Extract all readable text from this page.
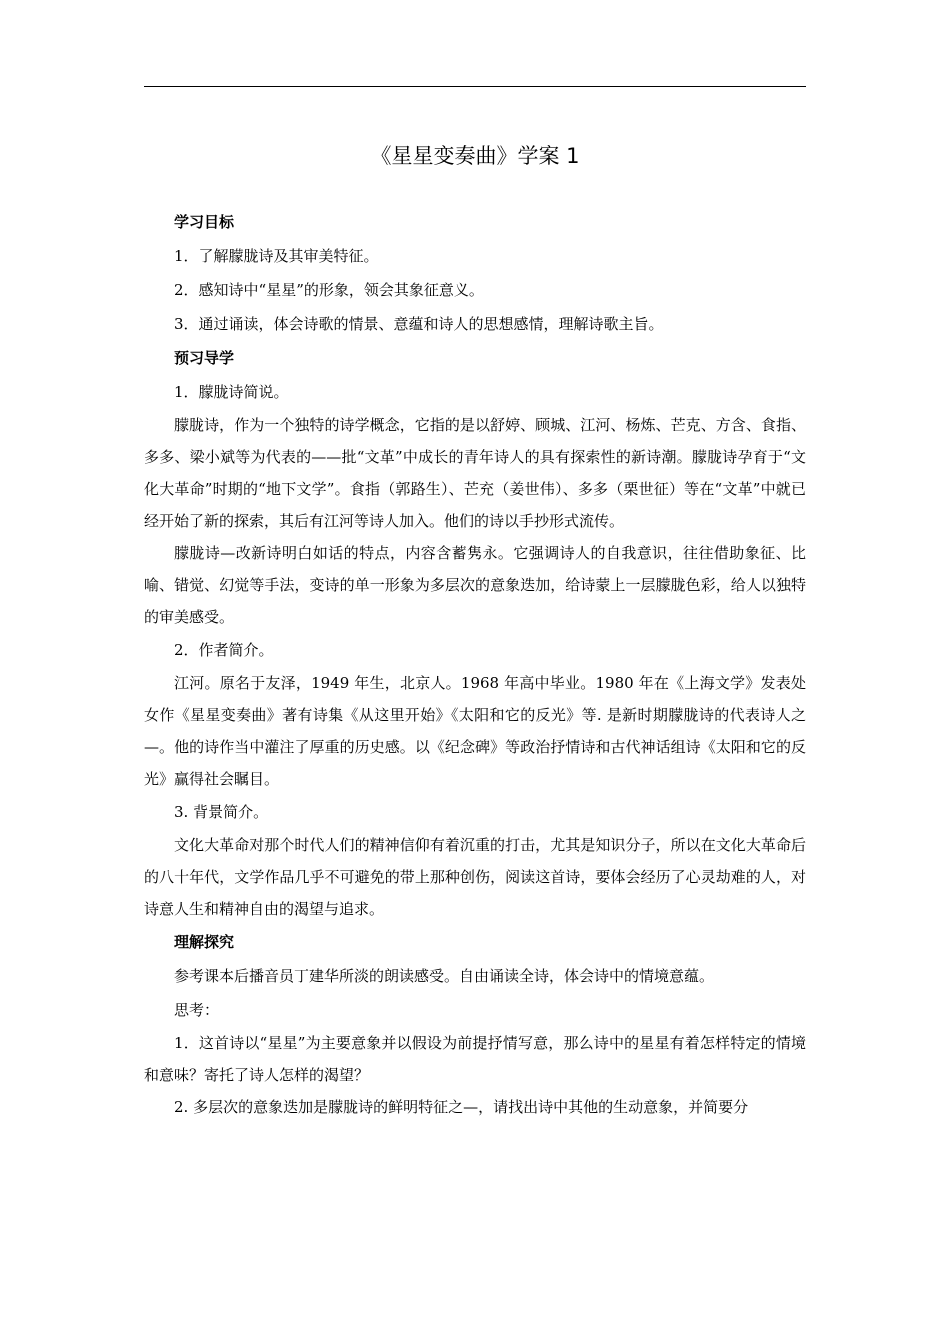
《星星变奏曲》学案 1

学习目标

1．了解朦胧诗及其审美特征。

2．感知诗中“星星”的形象，领会其象征意义。

3．通过诵读，体会诗歌的情景、意蕴和诗人的思想感情，理解诗歌主旨。

预习导学

1．朦胧诗简说。

朦胧诗，作为一个独特的诗学概念，它指的是以舒婷、顾城、江河、杨炼、芒克、方含、食指、多多、梁小斌等为代表的——批“文革”中成长的青年诗人的具有探索性的新诗潮。朦胧诗孕育于“文化大革命”时期的“地下文学”。食指（郭路生）、芒充（姜世伟）、多多（栗世征）等在“文革”中就已经开始了新的探索，其后有江河等诗人加入。他们的诗以手抄形式流传。

朦胧诗—改新诗明白如话的特点，内容含蓄隽永。它强调诗人的自我意识，往往借助象征、比喻、错觉、幻觉等手法，变诗的单一形象为多层次的意象迭加，给诗蒙上一层朦胧色彩，给人以独特的审美感受。

2．作者简介。

江河。原名于友泽，1949 年生，北京人。1968 年高中毕业。1980 年在《上海文学》发表处女作《星星变奏曲》著有诗集《从这里开始》《太阳和它的反光》等. 是新时期朦胧诗的代表诗人之—。他的诗作当中灌注了厚重的历史感。以《纪念碑》等政治抒情诗和古代神话组诗《太阳和它的反光》赢得社会瞩目。

3. 背景简介。

文化大革命对那个时代人们的精神信仰有着沉重的打击，尤其是知识分子，所以在文化大革命后的八十年代，文学作品几乎不可避免的带上那种创伤，阅读这首诗，要体会经历了心灵劫难的人，对诗意人生和精神自由的渴望与追求。

理解探究

参考课本后播音员丁建华所淡的朗读感受。自由诵读全诗，体会诗中的情境意蕴。

思考：

1．这首诗以“星星”为主要意象并以假设为前提抒情写意，那么诗中的星星有着怎样特定的情境和意味？寄托了诗人怎样的渴望？

2. 多层次的意象迭加是朦胧诗的鲜明特征之—，请找出诗中其他的生动意象，并简要分
